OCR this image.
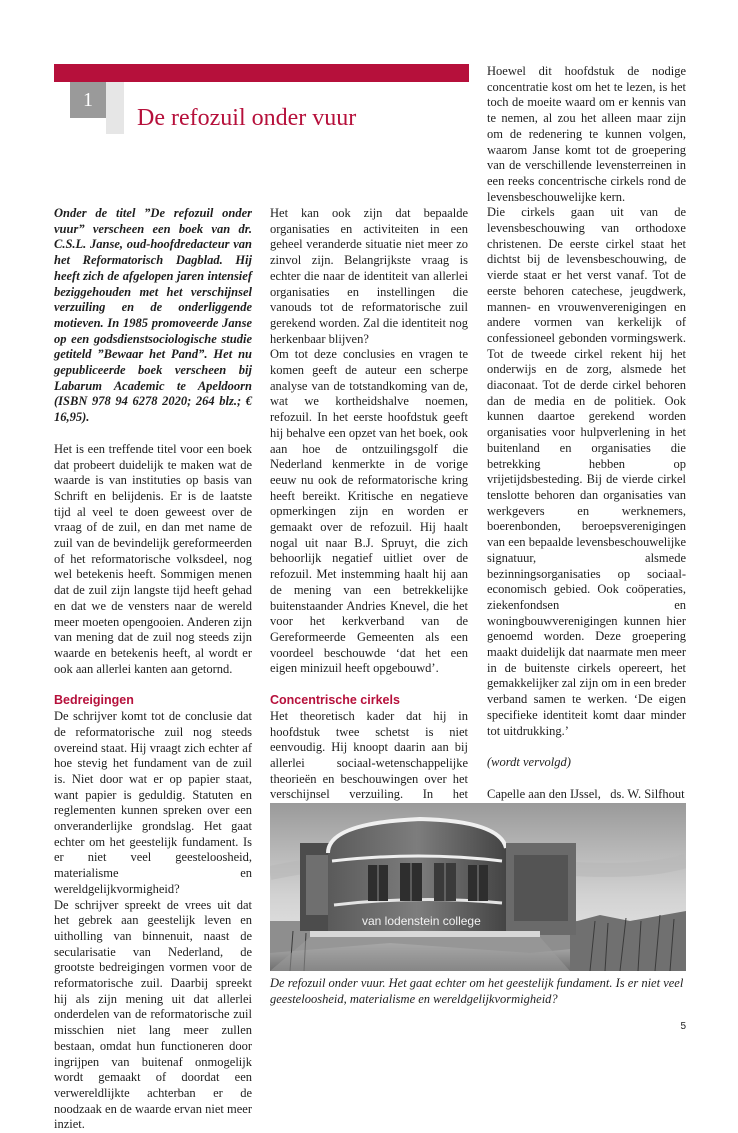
1
De refozuil onder vuur

Onder de titel ”De refozuil onder vuur” verscheen een boek van dr. C.S.L. Janse, oud-hoofdredacteur van het Reformatorisch Dagblad. Hij heeft zich de afgelopen jaren intensief beziggehouden met het verschijnsel verzuiling en de onderliggende motieven. In 1985 promoveerde Janse op een godsdienstsociologische studie getiteld ”Bewaar het Pand”. Het nu gepubliceerde boek verscheen bij Labarum Academic te Apeldoorn (ISBN 978 94 6278 2020; 264 blz.; € 16,95).

Het is een treffende titel voor een boek dat probeert duidelijk te maken wat de waarde is van instituties op basis van Schrift en belijdenis. Er is de laatste tijd al veel te doen geweest over de vraag of de zuil, en dan met name de zuil van de bevindelijk gereformeerden of het reformatorische volksdeel, nog wel betekenis heeft. Sommigen menen dat de zuil zijn langste tijd heeft gehad en dat we de vensters naar de wereld meer moeten opengooien. Anderen zijn van mening dat de zuil nog steeds zijn waarde en betekenis heeft, al wordt er ook aan allerlei kanten aan getornd.

Bedreigingen

De schrijver komt tot de conclusie dat de reformatorische zuil nog steeds overeind staat. Hij vraagt zich echter af hoe stevig het fundament van de zuil is. Niet door wat er op papier staat, want papier is geduldig. Statuten en reglementen kunnen spreken over een onveranderlijke grondslag. Het gaat echter om het geestelijk fundament. Is er niet veel geesteloosheid, materialisme en wereldgelijkvormigheid?

De schrijver spreekt de vrees uit dat het gebrek aan geestelijk leven en uitholling van binnenuit, naast de secularisatie van Nederland, de grootste bedreigingen vormen voor de reformatorische zuil. Daarbij spreekt hij als zijn mening uit dat allerlei onderdelen van de reformatorische zuil misschien niet lang meer zullen bestaan, omdat hun functioneren door ingrijpen van buitenaf onmogelijk wordt gemaakt of doordat een verwereldlijkte achterban er de noodzaak en de waarde ervan niet meer inziet.

Het kan ook zijn dat bepaalde organisaties en activiteiten in een geheel veranderde situatie niet meer zo zinvol zijn. Belangrijkste vraag is echter die naar de identiteit van allerlei organisaties en instellingen die vanouds tot de reformatorische zuil gerekend worden. Zal die identiteit nog herkenbaar blijven?

Om tot deze conclusies en vragen te komen geeft de auteur een scherpe analyse van de totstandkoming van de, wat we kortheidshalve noemen, refozuil. In het eerste hoofdstuk geeft hij behalve een opzet van het boek, ook aan hoe de ontzuilingsgolf die Nederland kenmerkte in de vorige eeuw nu ook de reformatorische kring heeft bereikt. Kritische en negatieve opmerkingen zijn en worden er gemaakt over de refozuil. Hij haalt nogal uit naar B.J. Spruyt, die zich behoorlijk negatief uitliet over de refozuil. Met instemming haalt hij aan de mening van een betrekkelijke buitenstaander Andries Knevel, die het voor het kerkverband van de Gereformeerde Gemeenten als een voordeel beschouwde ‘dat het een eigen minizuil heeft opgebouwd’.

Concentrische cirkels

Het theoretisch kader dat hij in hoofdstuk twee schetst is niet eenvoudig. Hij knoopt daarin aan bij allerlei sociaal-wetenschappelijke theorieën en beschouwingen over het verschijnsel verzuiling. In het

Hoewel dit hoofdstuk de nodige concentratie kost om het te lezen, is het toch de moeite waard om er kennis van te nemen, al zou het alleen maar zijn om de redenering te kunnen volgen, waarom Janse komt tot de groepering van de verschillende levensterreinen in een reeks concentrische cirkels rond de levensbeschouwelijke kern.

Die cirkels gaan uit van de levensbeschouwing van orthodoxe christenen. De eerste cirkel staat het dichtst bij de levensbeschouwing, de vierde staat er het verst vanaf. Tot de eerste behoren catechese, jeugdwerk, mannen- en vrouwenverenigingen en andere vormen van kerkelijk of confessioneel gebonden vormingswerk. Tot de tweede cirkel rekent hij het onderwijs en de zorg, alsmede het diaconaat. Tot de derde cirkel behoren dan de media en de politiek. Ook kunnen daartoe gerekend worden organisaties voor hulpverlening in het buitenland en organisaties die betrekking hebben op vrijetijdsbesteding. Bij de vierde cirkel tenslotte behoren dan organisaties van werkgevers en werknemers, boerenbonden, beroepsverenigingen van een bepaalde levensbeschouwelijke signatuur, alsmede bezinningsorganisaties op sociaal-economisch gebied. Ook coöperaties, ziekenfondsen en woningbouwverenigingen kunnen hier genoemd worden. Deze groepering maakt duidelijk dat naarmate men meer in de buitenste cirkels opereert, het gemakkelijker zal zijn om in een breder verband samen te werken. ‘De eigen specifieke identiteit komt daar minder tot uitdrukking.’

(wordt vervolgd)

Capelle aan den IJssel, ds. W. Silfhout

van lodenstein college

De refozuil onder vuur. Het gaat echter om het geestelijk fundament. Is er niet veel geesteloosheid, materialisme en wereldgelijkvormigheid?

5
